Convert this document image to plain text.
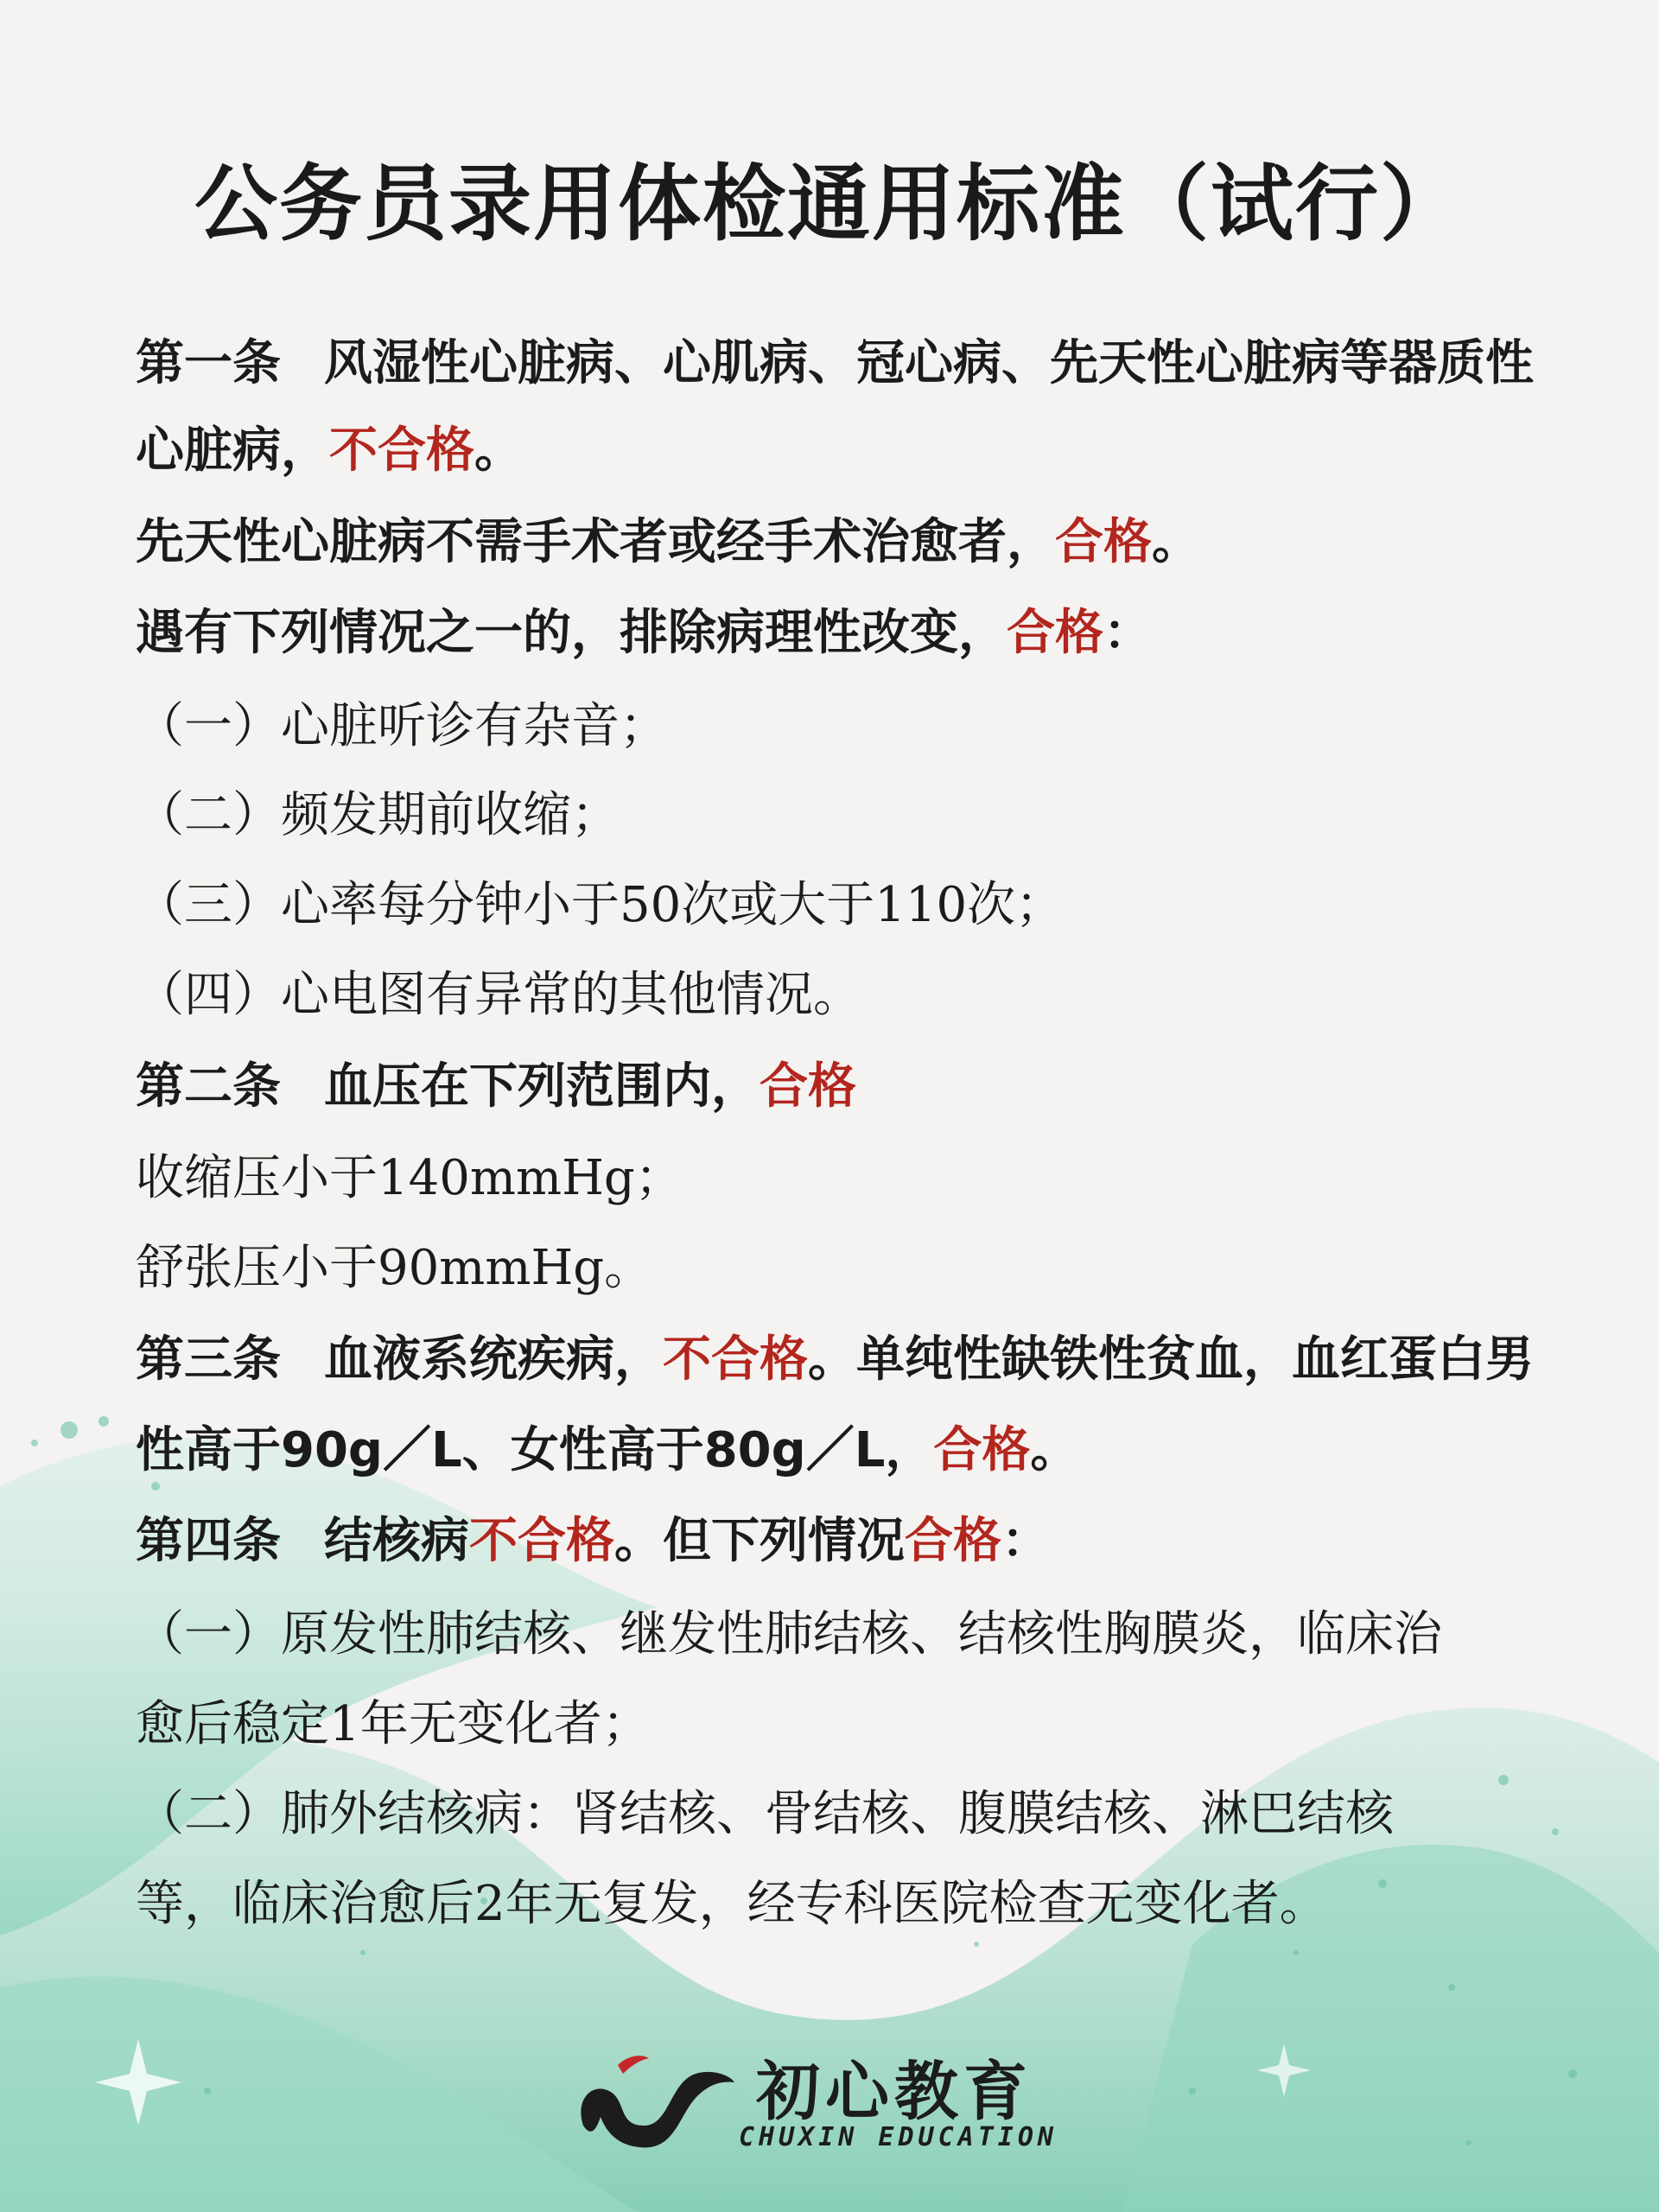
公务员录用体检通用标准（试行）
第一条 风湿性心脏病、心肌病、冠心病、先天性心脏病等器质性
心脏病，不合格。
先天性心脏病不需手术者或经手术治愈者，合格。
遇有下列情况之一的，排除病理性改变，合格：
（一）心脏听诊有杂音；
（二）频发期前收缩；
（三）心率每分钟小于50次或大于110次；
（四）心电图有异常的其他情况。
第二条 血压在下列范围内，合格
收缩压小于140mmHg；
舒张压小于90mmHg。
第三条 血液系统疾病，不合格。单纯性缺铁性贫血，血红蛋白男
性高于90g／L、女性高于80g／L，合格。
第四条 结核病不合格。但下列情况合格：
（一）原发性肺结核、继发性肺结核、结核性胸膜炎，临床治
愈后稳定1年无变化者；
（二）肺外结核病：肾结核、骨结核、腹膜结核、淋巴结核
等，临床治愈后2年无复发，经专科医院检查无变化者。
初心教育
CHUXIN EDUCATION
